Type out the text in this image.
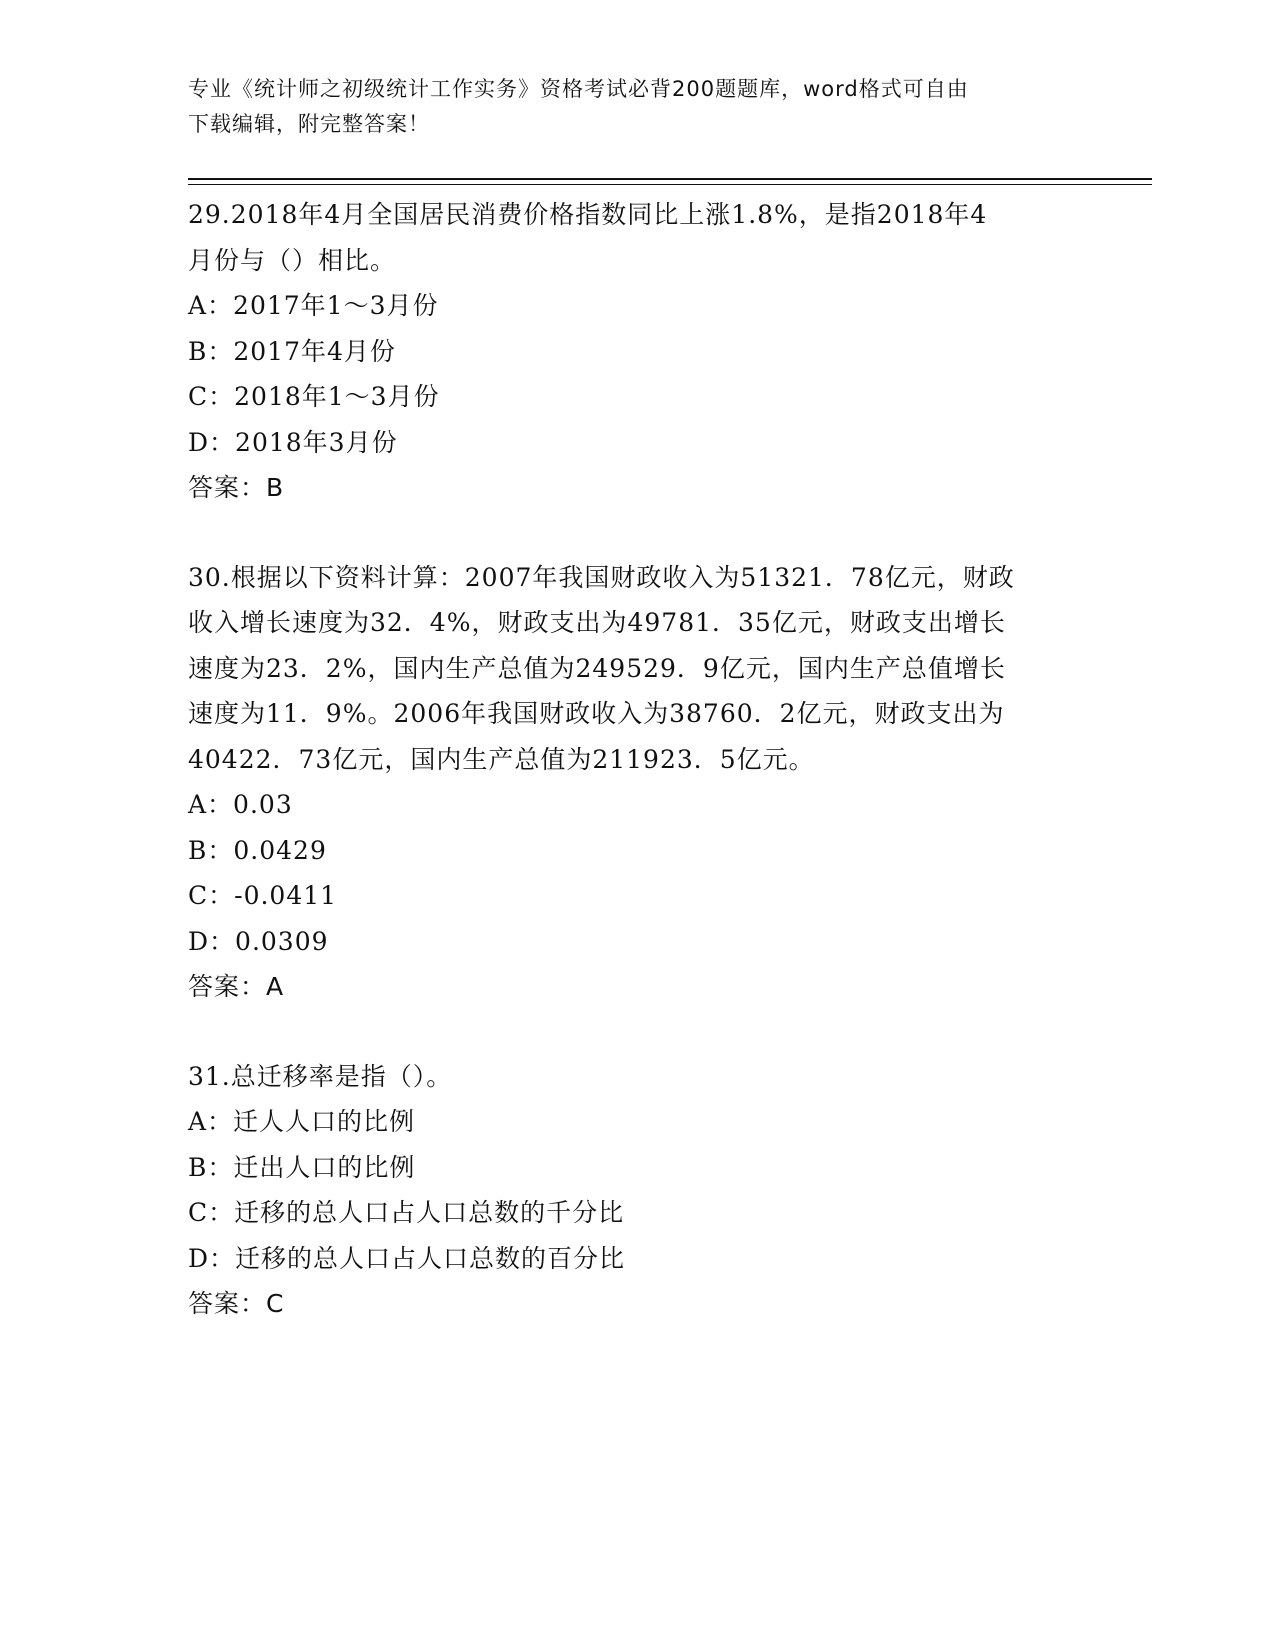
专业《统计师之初级统计工作实务》资格考试必背200题题库，word格式可自由
下载编辑，附完整答案！
29.2018年4月全国居民消费价格指数同比上涨1.8%，是指2018年4
月份与（）相比。
A：2017年1～3月份
B：2017年4月份
C：2018年1～3月份
D：2018年3月份
答案：B
30.根据以下资料计算：2007年我国财政收入为51321．78亿元，财政
收入增长速度为32．4%，财政支出为49781．35亿元，财政支出增长
速度为23．2%，国内生产总值为249529．9亿元，国内生产总值增长
速度为11．9%。2006年我国财政收入为38760．2亿元，财政支出为
40422．73亿元，国内生产总值为211923．5亿元。
A：0.03
B：0.0429
C：-0.0411
D：0.0309
答案：A
31.总迁移率是指（）。
A：迁人人口的比例
B：迁出人口的比例
C：迁移的总人口占人口总数的千分比
D：迁移的总人口占人口总数的百分比
答案：C
